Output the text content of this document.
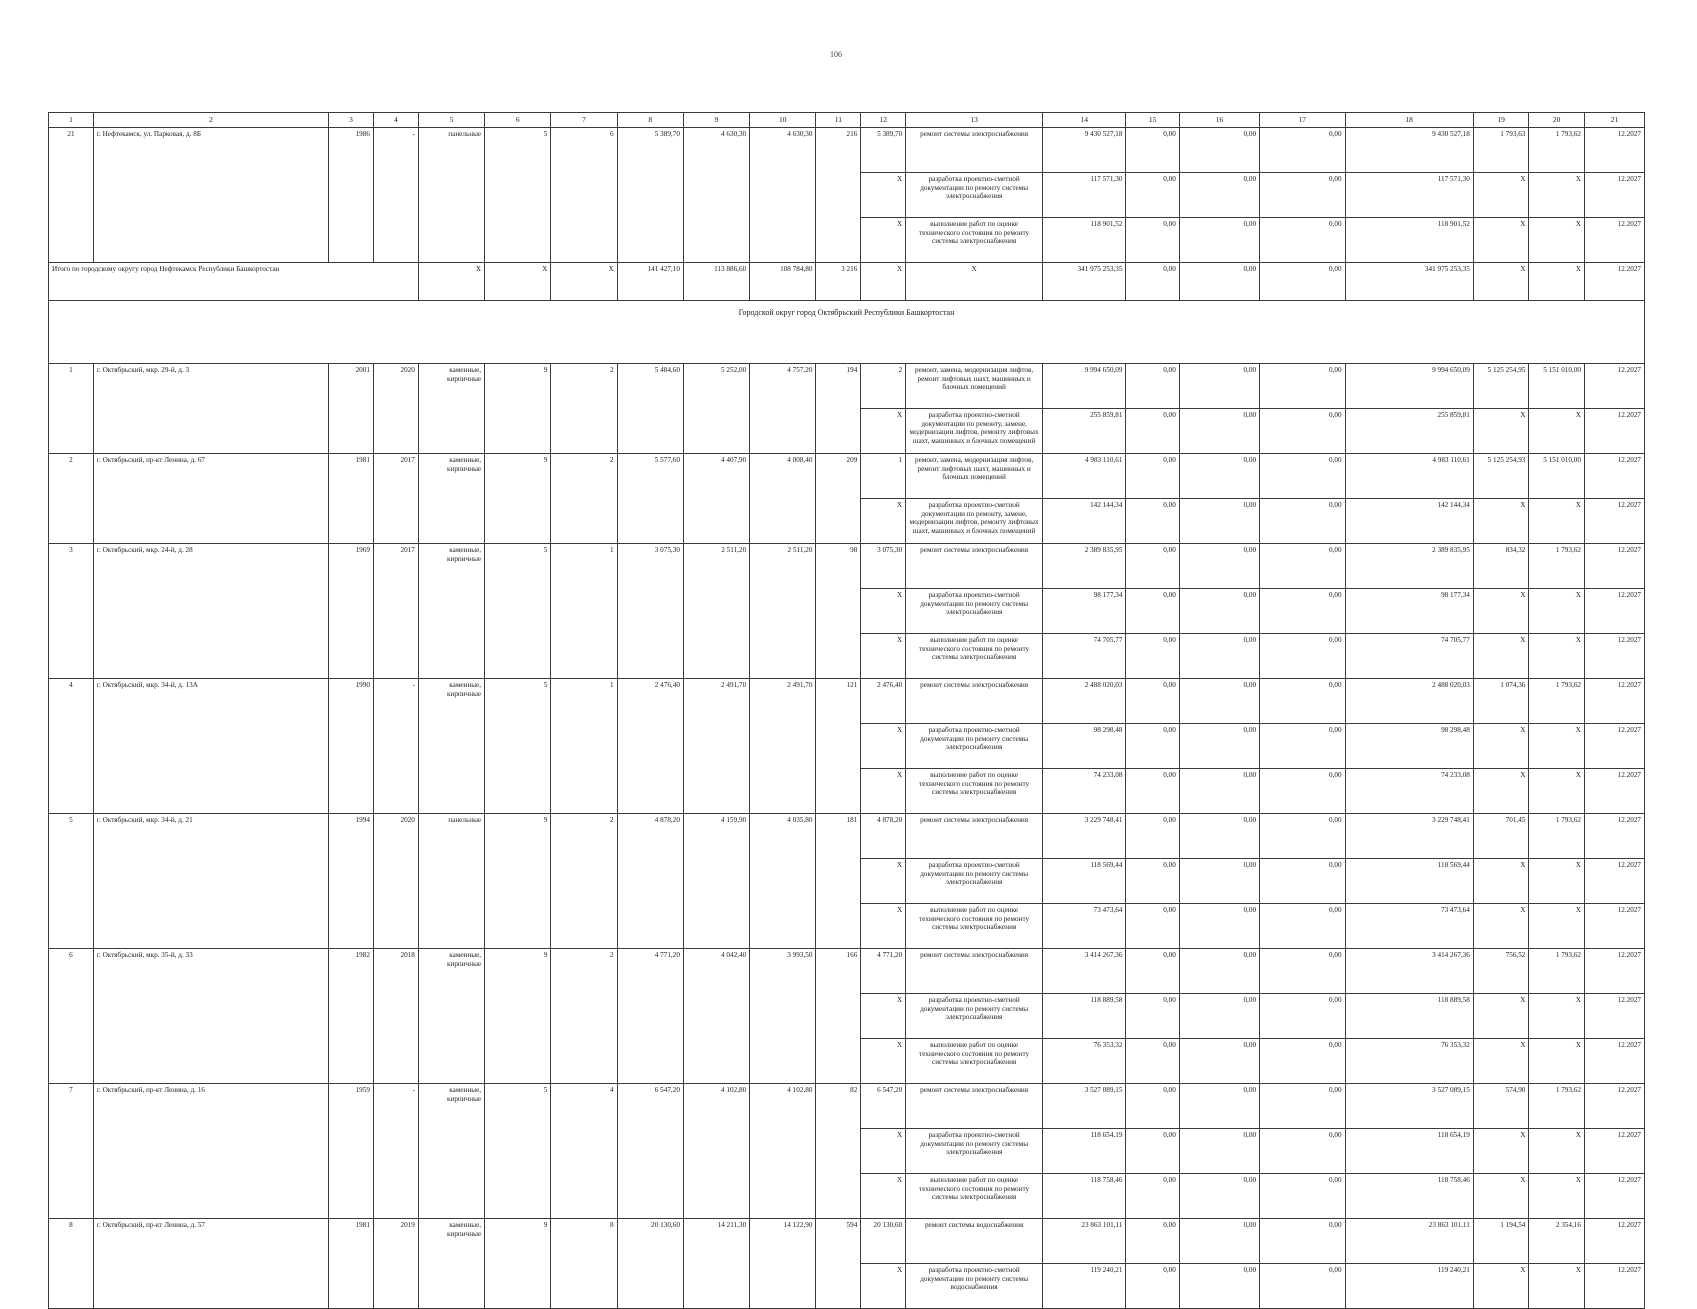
106
1	2	3	4	5	6	7	8	9	10	11	12	13	14	15	16	17	18	19	20	21
21	г. Нефтекамск, ул. Парковая, д. 8Б	1986	-	панельные	5	6	5 389,70	4 630,30	4 630,30	216	5 389,70	ремонт системы электроснабжения	9 430 527,18	0,00	0,00	0,00	9 430 527,18	1 793,63	1 793,62	12.2027
											X	разработка проектно-сметной документации по ремонту системы электроснабжения	117 571,30	0,00	0,00	0,00	117 571,30	X	X	12.2027
											X	выполнение работ по оценке технического состояния по ремонту системы электроснабжения	118 901,52	0,00	0,00	0,00	118 901,52	X	X	12.2027
Итого по городскому округу город Нефтекамск Республики Башкортостан				X	X	X	141 427,10	113 886,60	108 784,80	3 216	X	X	341 975 253,35	0,00	0,00	0,00	341 975 253,35	X	X	12.2027
Городской округ город Октябрьский Республики Башкортостан																				
1	г. Октябрьский, мкр. 29-й, д. 3	2001	2020	каменные, кирпичные	9	2	5 484,60	5 252,00	4 757,20	194	2	ремонт, замена, модернизация лифтов, ремонт лифтовых шахт, машинных и блочных помещений	9 994 650,09	0,00	0,00	0,00	9 994 650,09	5 125 254,95	5 151 010,00	12.2027
											X	разработка проектно-сметной документации по ремонту, замене, модернизации лифтов, ремонту лифтовых шахт, машинных и блочных помещений	255 859,81	0,00	0,00	0,00	255 859,81	X	X	12.2027
2	г. Октябрьский, пр-кт Ленина, д. 67	1981	2017	каменные, кирпичные	9	2	5 577,60	4 407,90	4 008,40	209	1	ремонт, замена, модернизация лифтов, ремонт лифтовых шахт, машинных и блочных помещений	4 983 110,61	0,00	0,00	0,00	4 983 110,61	5 125 254,93	5 151 010,00	12.2027
											X	разработка проектно-сметной документации по ремонту, замене, модернизации лифтов, ремонту лифтовых шахт, машинных и блочных помещений	142 144,34	0,00	0,00	0,00	142 144,34	X	X	12.2027
3	г. Октябрьский, мкр. 24-й, д. 28	1969	2017	каменные, кирпичные	5	1	3 075,30	2 511,20	2 511,20	98	3 075,30	ремонт системы электроснабжения	2 389 835,95	0,00	0,00	0,00	2 389 835,95	834,32	1 793,62	12.2027
											X	разработка проектно-сметной документации по ремонту системы электроснабжения	98 177,34	0,00	0,00	0,00	98 177,34	X	X	12.2027
											X	выполнение работ по оценке технического состояния по ремонту системы электроснабжения	74 705,77	0,00	0,00	0,00	74 705,77	X	X	12.2027
4	г. Октябрьский, мкр. 34-й, д. 13А	1990	-	каменные, кирпичные	5	1	2 476,40	2 491,70	2 491,70	121	2 476,40	ремонт системы электроснабжения	2 488 020,03	0,00	0,00	0,00	2 488 020,03	1 074,36	1 793,62	12.2027
											X	разработка проектно-сметной документации по ремонту системы электроснабжения	98 298,48	0,00	0,00	0,00	98 298,48	X	X	12.2027
											X	выполнение работ по оценке технического состояния по ремонту системы электроснабжения	74 233,08	0,00	0,00	0,00	74 233,08	X	X	12.2027
5	г. Октябрьский, мкр. 34-й, д. 21	1994	2020	панельные	9	2	4 878,20	4 159,90	4 035,80	181	4 878,20	ремонт системы электроснабжения	3 229 748,41	0,00	0,00	0,00	3 229 748,41	701,45	1 793,62	12.2027
											X	разработка проектно-сметной документации по ремонту системы электроснабжения	118 569,44	0,00	0,00	0,00	118 569,44	X	X	12.2027
											X	выполнение работ по оценке технического состояния по ремонту системы электроснабжения	73 473,64	0,00	0,00	0,00	73 473,64	X	X	12.2027
6	г. Октябрьский, мкр. 35-й, д. 33	1982	2018	каменные, кирпичные	9	2	4 771,20	4 042,40	3 993,50	166	4 771,20	ремонт системы электроснабжения	3 414 267,36	0,00	0,00	0,00	3 414 267,36	756,52	1 793,62	12.2027
											X	разработка проектно-сметной документации по ремонту системы электроснабжения	118 889,58	0,00	0,00	0,00	118 889,58	X	X	12.2027
											X	выполнение работ по оценке технического состояния по ремонту системы электроснабжения	76 353,32	0,00	0,00	0,00	76 353,32	X	X	12.2027
7	г. Октябрьский, пр-кт Ленина, д. 16	1959	-	каменные, кирпичные	5	4	6 547,20	4 102,80	4 102,80	82	6 547,20	ремонт системы электроснабжения	3 527 089,15	0,00	0,00	0,00	3 527 089,15	574,90	1 793,62	12.2027
											X	разработка проектно-сметной документации по ремонту системы электроснабжения	118 654,19	0,00	0,00	0,00	118 654,19	X	X	12.2027
											X	выполнение работ по оценке технического состояния по ремонту системы электроснабжения	118 758,46	0,00	0,00	0,00	118 758,46	X	X	12.2027
8	г. Октябрьский, пр-кт Ленина, д. 57	1981	2019	каменные, кирпичные	9	8	20 130,60	14 211,30	14 122,90	594	20 130,60	ремонт системы водоснабжения	23 863 101,11	0,00	0,00	0,00	23 863 101,11	1 194,54	2 354,16	12.2027
											X	разработка проектно-сметной документации по ремонту системы водоснабжения	119 240,21	0,00	0,00	0,00	119 240,21	X	X	12.2027
